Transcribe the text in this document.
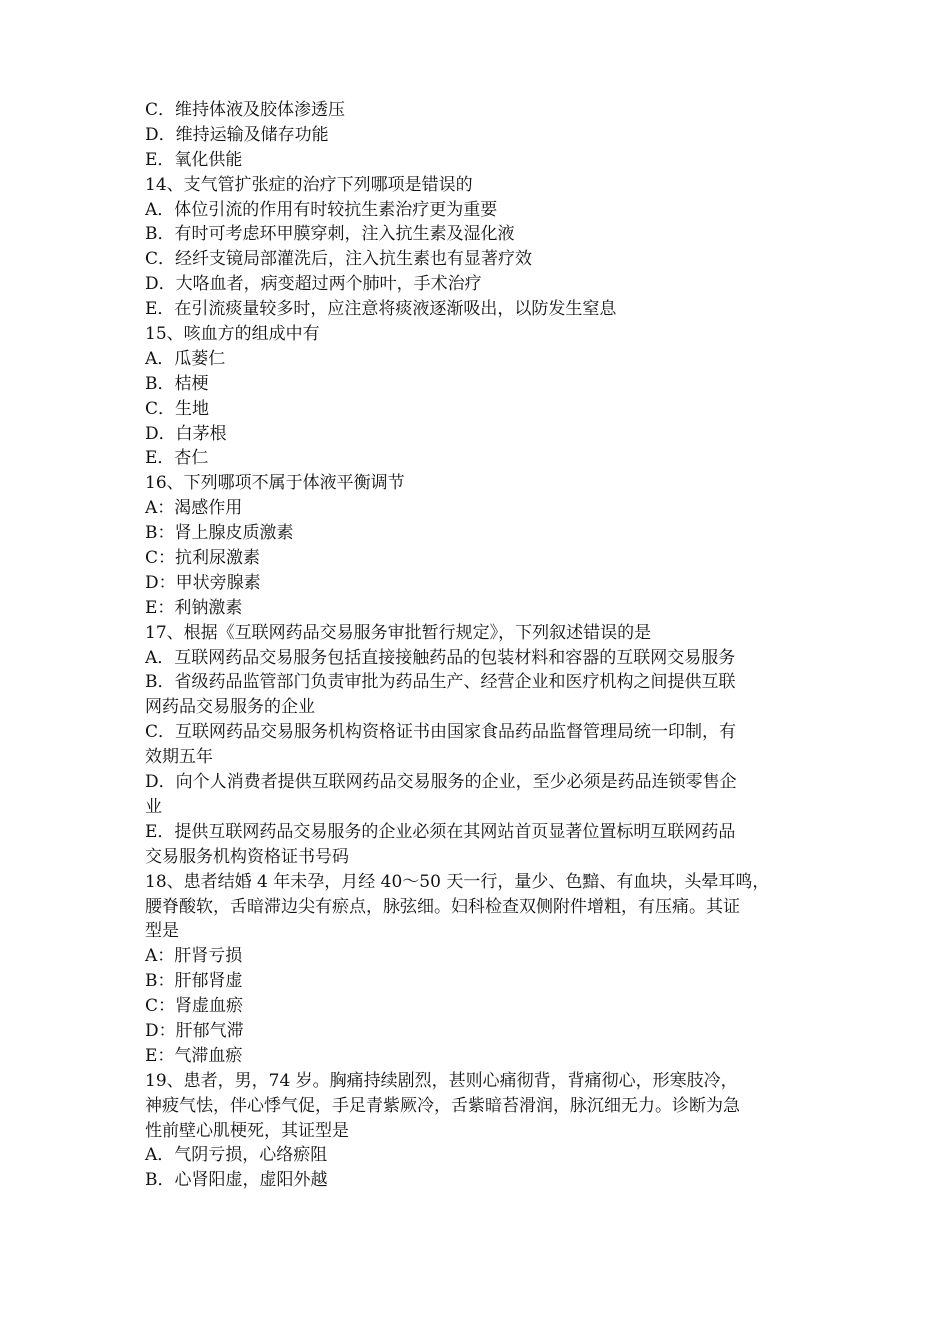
C．维持体液及胶体渗透压
D．维持运输及储存功能
E．氧化供能
14、支气管扩张症的治疗下列哪项是错误的
A．体位引流的作用有时较抗生素治疗更为重要
B．有时可考虑环甲膜穿刺，注入抗生素及湿化液
C．经纤支镜局部灌洗后，注入抗生素也有显著疗效
D．大咯血者，病变超过两个肺叶，手术治疗
E．在引流痰量较多时，应注意将痰液逐渐吸出，以防发生窒息
15、咳血方的组成中有
A．瓜蒌仁
B．桔梗
C．生地
D．白茅根
E．杏仁
16、下列哪项不属于体液平衡调节
A：渴感作用
B：肾上腺皮质激素
C：抗利尿激素
D：甲状旁腺素
E：利钠激素
17、根据《互联网药品交易服务审批暂行规定》，下列叙述错误的是
A．互联网药品交易服务包括直接接触药品的包装材料和容器的互联网交易服务
B．省级药品监管部门负责审批为药品生产、经营企业和医疗机构之间提供互联
网药品交易服务的企业
C．互联网药品交易服务机构资格证书由国家食品药品监督管理局统一印制，有
效期五年
D．向个人消费者提供互联网药品交易服务的企业，至少必须是药品连锁零售企
业
E．提供互联网药品交易服务的企业必须在其网站首页显著位置标明互联网药品
交易服务机构资格证书号码
18、患者结婚 4 年未孕，月经 40～50 天一行，量少、色黯、有血块，头晕耳鸣，
腰脊酸软，舌暗滞边尖有瘀点，脉弦细。妇科检查双侧附件增粗，有压痛。其证
型是
A：肝肾亏损
B：肝郁肾虚
C：肾虚血瘀
D：肝郁气滞
E：气滞血瘀
19、患者，男，74 岁。胸痛持续剧烈，甚则心痛彻背，背痛彻心，形寒肢冷，
神疲气怯，伴心悸气促，手足青紫厥冷，舌紫暗苔滑润，脉沉细无力。诊断为急
性前壁心肌梗死，其证型是
A．气阴亏损，心络瘀阻
B．心肾阳虚，虚阳外越
